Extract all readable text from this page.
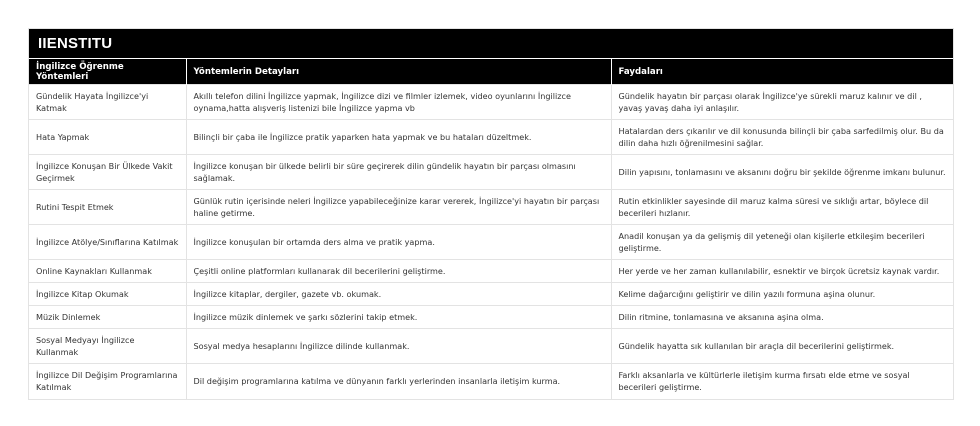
IIENSTITU
İngilizce Öğrenme Yöntemleri	Yöntemlerin Detayları	Faydaları
Gündelik Hayata İngilizce'yi Katmak	Akıllı telefon dilini İngilizce yapmak, İngilizce dizi ve filmler izlemek, video oyunlarını İngilizce oynama,hatta alışveriş listenizi bile İngilizce yapma vb	Gündelik hayatın bir parçası olarak İngilizce'ye sürekli maruz kalınır ve dil , yavaş yavaş daha iyi anlaşılır.
Hata Yapmak	Bilinçli bir çaba ile İngilizce pratik yaparken hata yapmak ve bu hataları düzeltmek.	Hatalardan ders çıkarılır ve dil konusunda bilinçli bir çaba sarfedilmiş olur. Bu da dilin daha hızlı öğrenilmesini sağlar.
İngilizce Konuşan Bir Ülkede Vakit Geçirmek	İngilizce konuşan bir ülkede belirli bir süre geçirerek dilin gündelik hayatın bir parçası olmasını sağlamak.	Dilin yapısını, tonlamasını ve aksanını doğru bir şekilde öğrenme imkanı bulunur.
Rutini Tespit Etmek	Günlük rutin içerisinde neleri İngilizce yapabileceğinize karar vererek, İngilizce'yi hayatın bir parçası haline getirme.	Rutin etkinlikler sayesinde dil maruz kalma süresi ve sıklığı artar, böylece dil becerileri hızlanır.
İngilizce Atölye/Sınıflarına Katılmak	İngilizce konuşulan bir ortamda ders alma ve pratik yapma.	Anadil konuşan ya da gelişmiş dil yeteneği olan kişilerle etkileşim becerileri geliştirme.
Online Kaynakları Kullanmak	Çeşitli online platformları kullanarak dil becerilerini geliştirme.	Her yerde ve her zaman kullanılabilir, esnektir ve birçok ücretsiz kaynak vardır.
İngilizce Kitap Okumak	İngilizce kitaplar, dergiler, gazete vb. okumak.	Kelime dağarcığını geliştirir ve dilin yazılı formuna aşina olunur.
Müzik Dinlemek	İngilizce müzik dinlemek ve şarkı sözlerini takip etmek.	Dilin ritmine, tonlamasına ve aksanına aşina olma.
Sosyal Medyayı İngilizce Kullanmak	Sosyal medya hesaplarını İngilizce dilinde kullanmak.	Gündelik hayatta sık kullanılan bir araçla dil becerilerini geliştirmek.
İngilizce Dil Değişim Programlarına Katılmak	Dil değişim programlarına katılma ve dünyanın farklı yerlerinden insanlarla iletişim kurma.	Farklı aksanlarla ve kültürlerle iletişim kurma fırsatı elde etme ve sosyal becerileri geliştirme.
